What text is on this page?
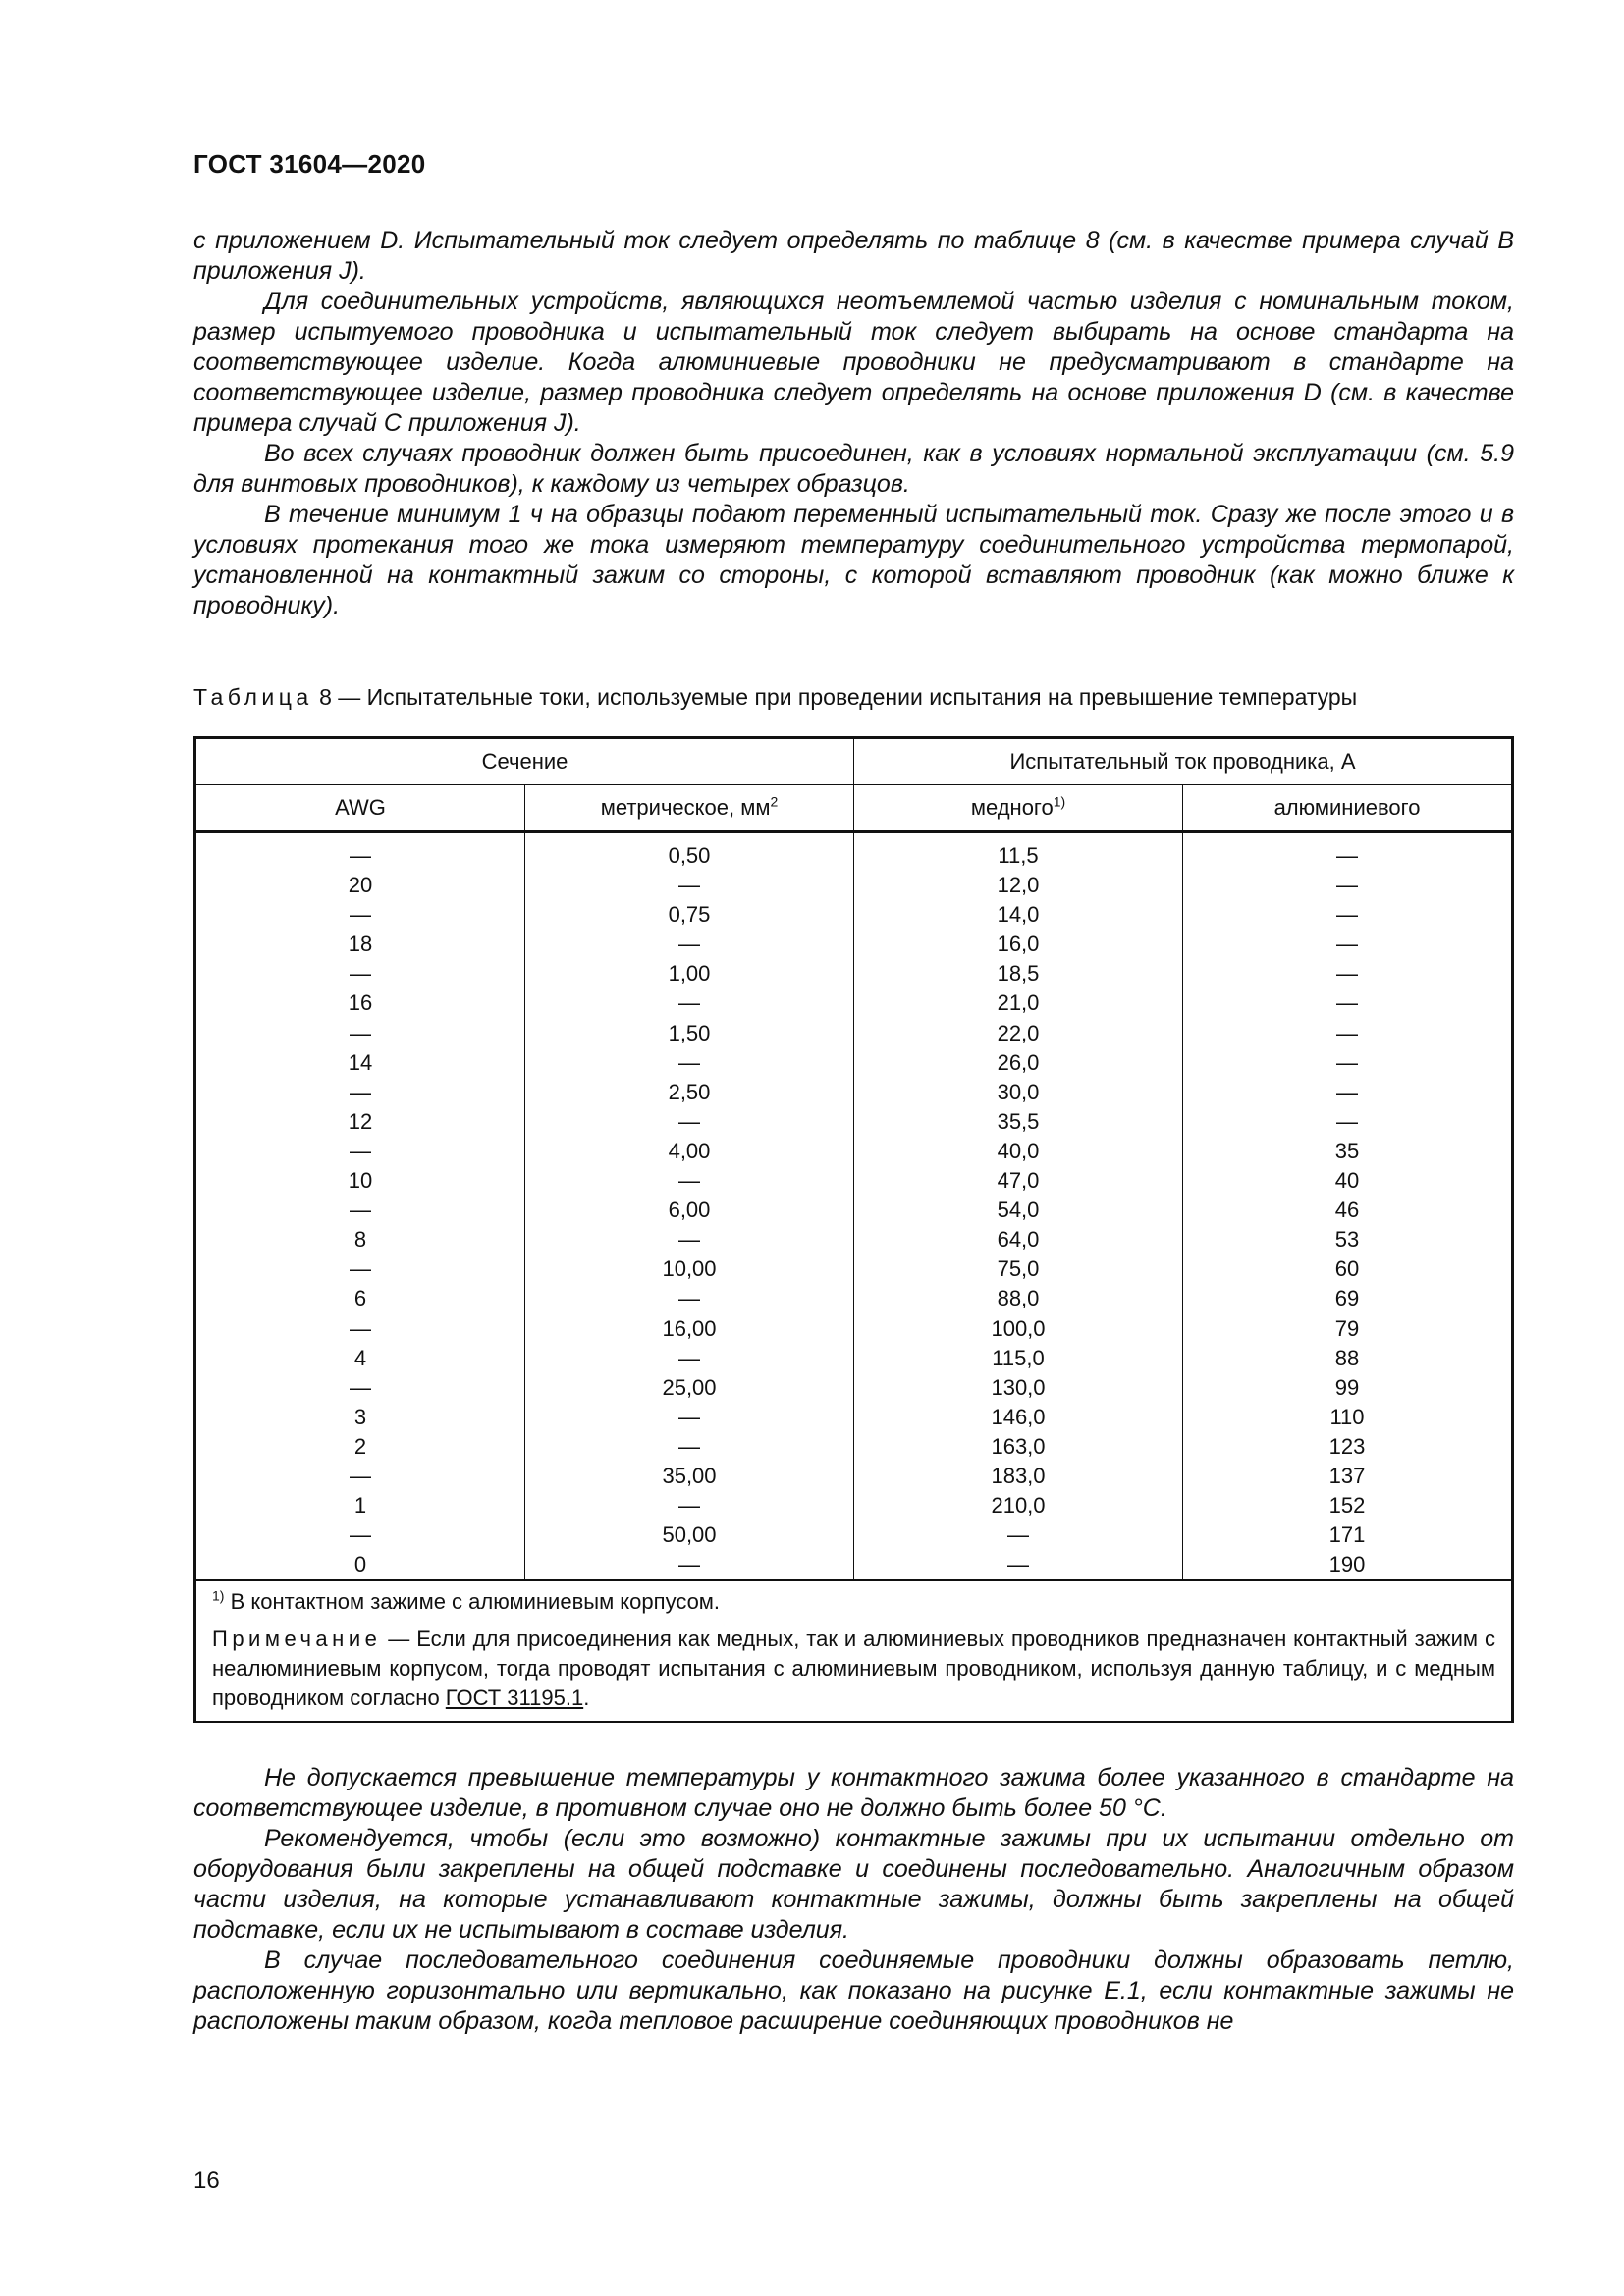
ГОСТ 31604—2020

с приложением D. Испытательный ток следует определять по таблице 8 (см. в качестве примера случай В приложения J).

Для соединительных устройств, являющихся неотъемлемой частью изделия с номинальным током, размер испытуемого проводника и испытательный ток следует выбирать на основе стандарта на соответствующее изделие. Когда алюминиевые проводники не предусматривают в стандарте на соответствующее изделие, размер проводника следует определять на основе приложения D (см. в качестве примера случай С приложения J).

Во всех случаях проводник должен быть присоединен, как в условиях нормальной эксплуатации (см. 5.9 для винтовых проводников), к каждому из четырех образцов.

В течение минимум 1 ч на образцы подают переменный испытательный ток. Сразу же после этого и в условиях протекания того же тока измеряют температуру соединительного устройства термопарой, установленной на контактный зажим со стороны, с которой вставляют проводник (как можно ближе к проводнику).

Таблица 8 — Испытательные токи, используемые при проведении испытания на превышение температуры
Сечение		Испытательный ток проводника, А	
AWG	метрическое, $мм^2$	медного$^{1)}$	алюминиевого
—	0,50	11,5	—
20	—	12,0	—
—	0,75	14,0	—
18	—	16,0	—
—	1,00	18,5	—
16	—	21,0	—
—	1,50	22,0	—
14	—	26,0	—
—	2,50	30,0	—
12	—	35,5	—
—	4,00	40,0	35
10	—	47,0	40
—	6,00	54,0	46
8	—	64,0	53
—	10,00	75,0	60
6	—	88,0	69
—	16,00	100,0	79
4	—	115,0	88
—	25,00	130,0	99
3	—	146,0	110
2	—	163,0	123
—	35,00	183,0	137
1	—	210,0	152
—	50,00	—	171
0	—	—	190

$^{1)}$ В контактном зажиме с алюминиевым корпусом.

Примечание — Если для присоединения как медных, так и алюминиевых проводников предназначен контактный зажим с неалюминиевым корпусом, тогда проводят испытания с алюминиевым проводником, используя данную таблицу, и с медным проводником согласно ГОСТ 31195.1.			

Не допускается превышение температуры у контактного зажима более указанного в стандарте на соответствующее изделие, в противном случае оно не должно быть более 50 °С.

Рекомендуется, чтобы (если это возможно) контактные зажимы при их испытании отдельно от оборудования были закреплены на общей подставке и соединены последовательно. Аналогичным образом части изделия, на которые устанавливают контактные зажимы, должны быть закреплены на общей подставке, если их не испытывают в составе изделия.

В случае последовательного соединения соединяемые проводники должны образовать петлю, расположенную горизонтально или вертикально, как показано на рисунке Е.1, если контактные зажимы не расположены таким образом, когда тепловое расширение соединяющих проводников не

16
